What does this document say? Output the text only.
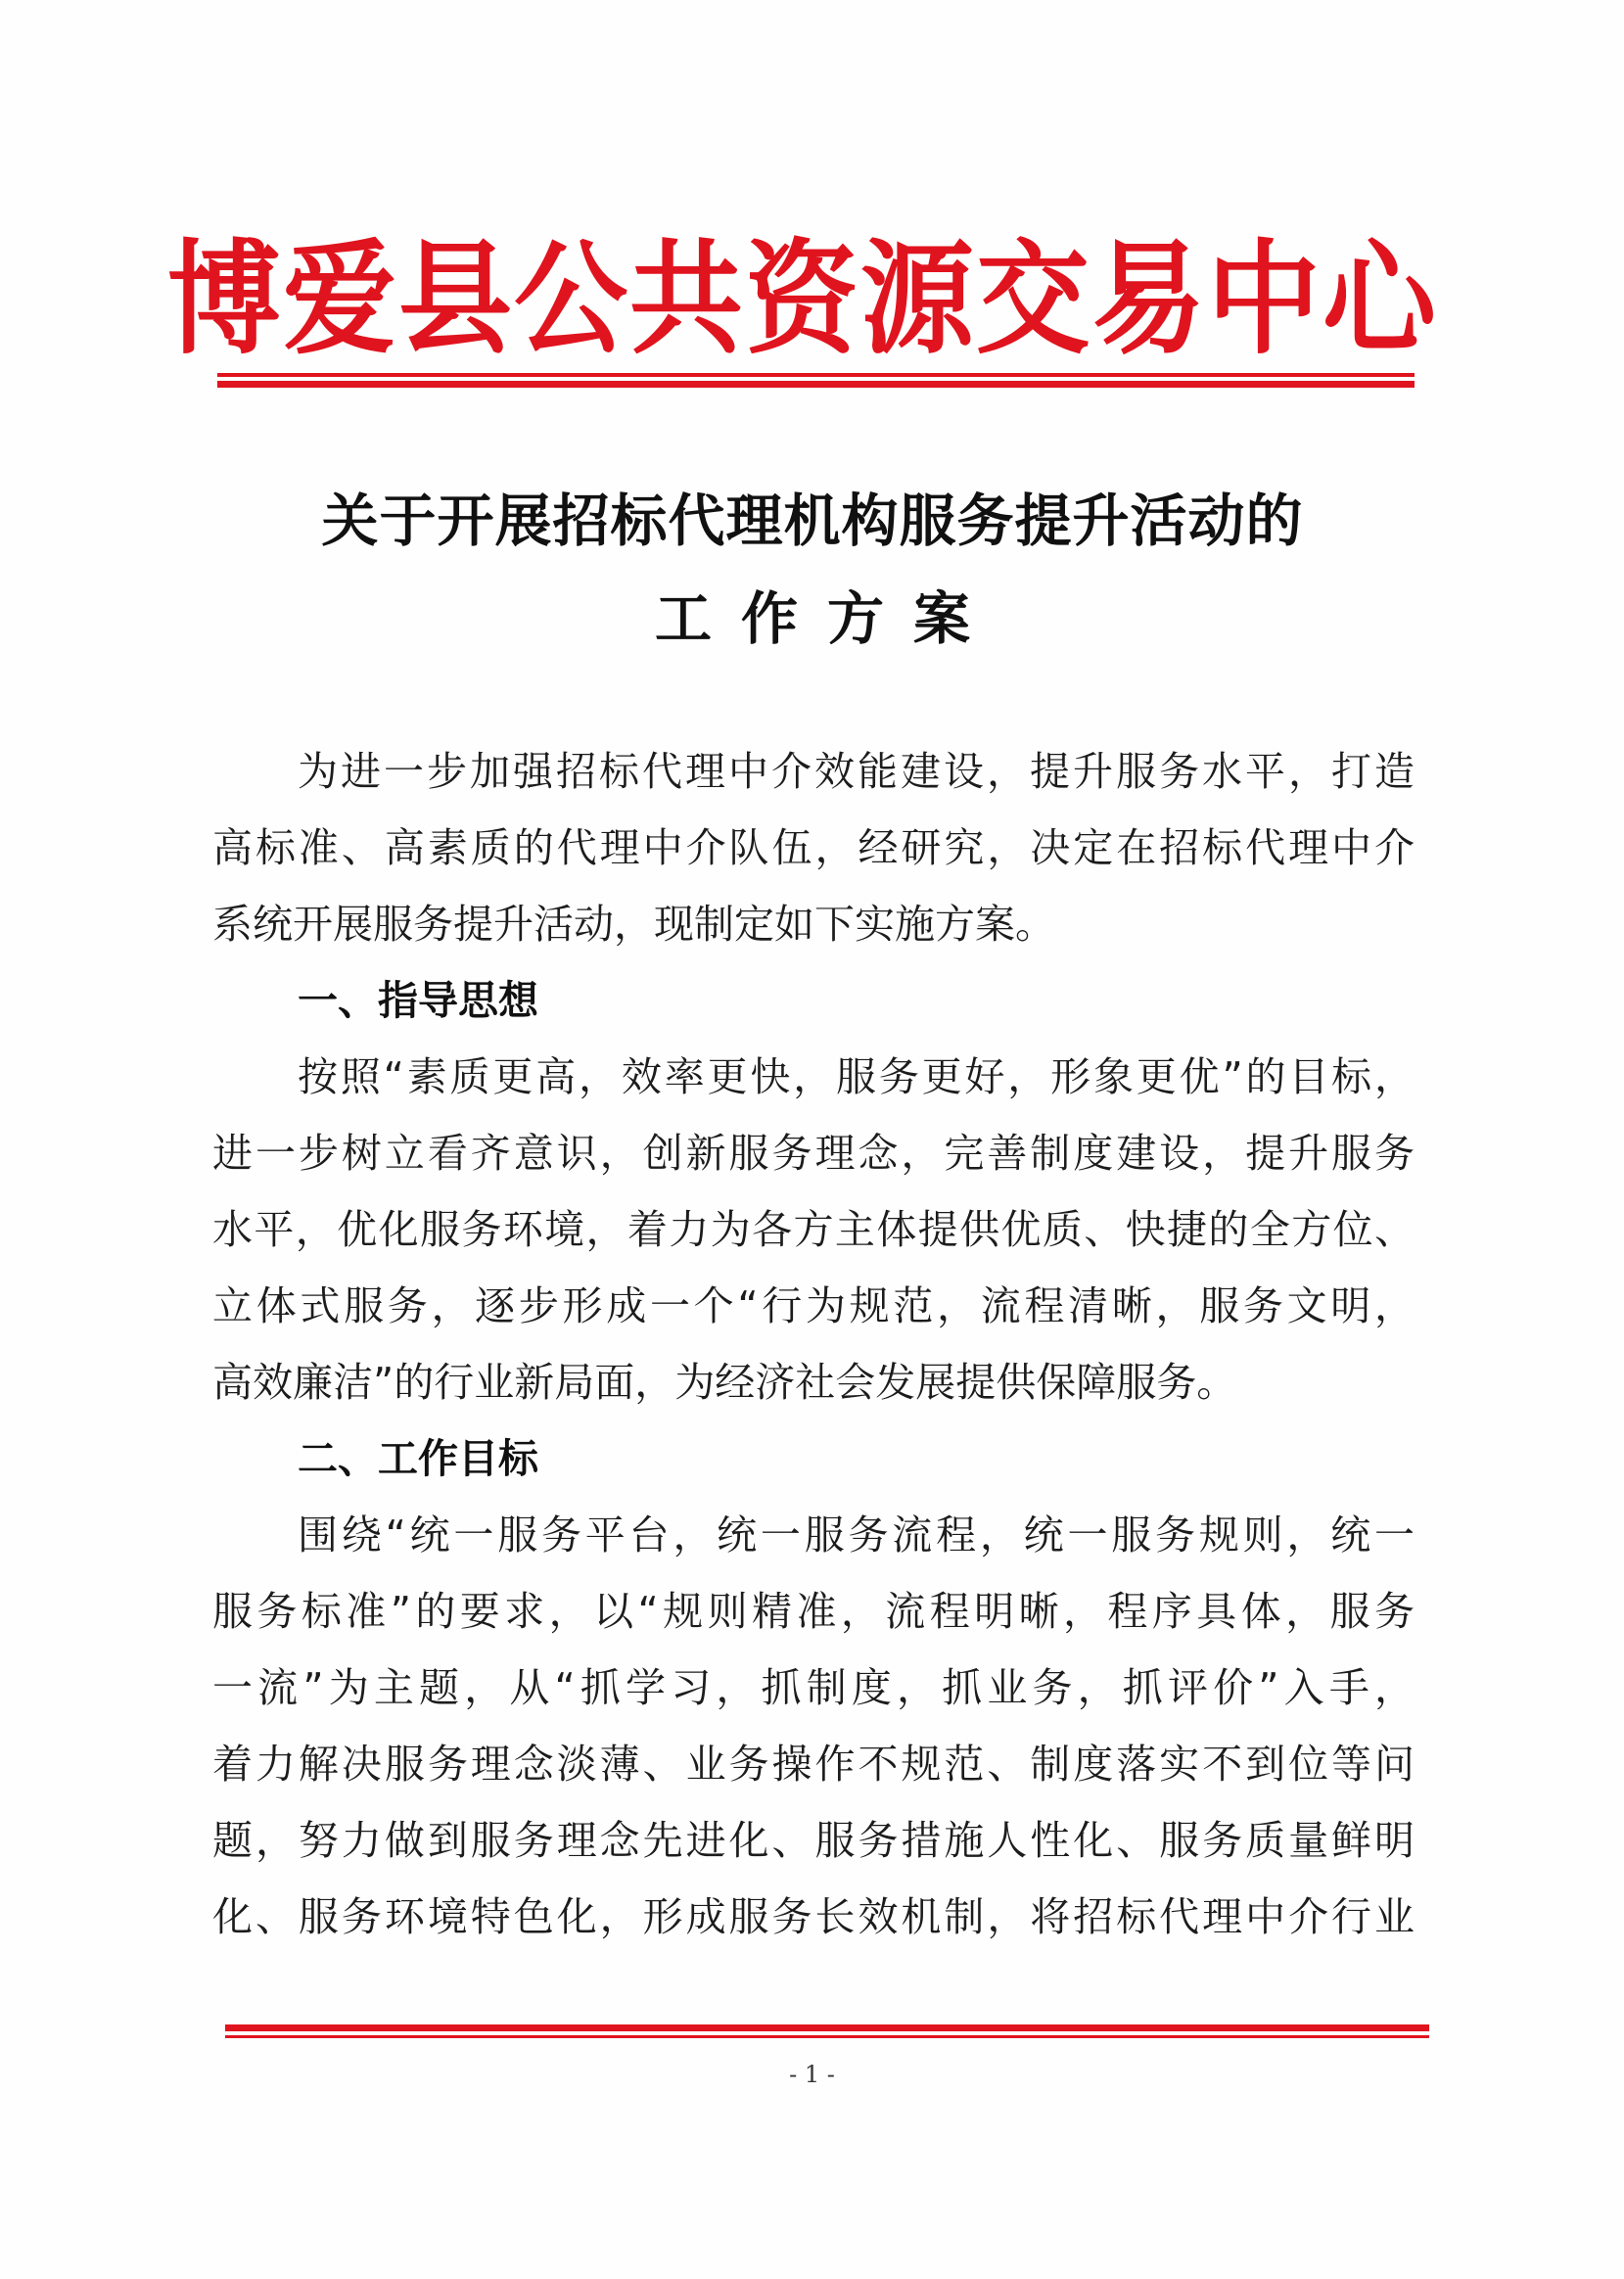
博爱县公共资源交易中心
关于开展招标代理机构服务提升活动的
工作方案
为进一步加强招标代理中介效能建设，提升服务水平，打造
高标准、高素质的代理中介队伍，经研究，决定在招标代理中介
系统开展服务提升活动，现制定如下实施方案。
一、指导思想
按照“素质更高，效率更快，服务更好，形象更优”的目标，
进一步树立看齐意识，创新服务理念，完善制度建设，提升服务
水平，优化服务环境，着力为各方主体提供优质、快捷的全方位、
立体式服务，逐步形成一个“行为规范，流程清晰，服务文明，
高效廉洁”的行业新局面，为经济社会发展提供保障服务。
二、工作目标
围绕“统一服务平台，统一服务流程，统一服务规则，统一
服务标准”的要求，以“规则精准，流程明晰，程序具体，服务
一流”为主题，从“抓学习，抓制度，抓业务，抓评价”入手，
着力解决服务理念淡薄、业务操作不规范、制度落实不到位等问
题，努力做到服务理念先进化、服务措施人性化、服务质量鲜明
化、服务环境特色化，形成服务长效机制，将招标代理中介行业
- 1 -
